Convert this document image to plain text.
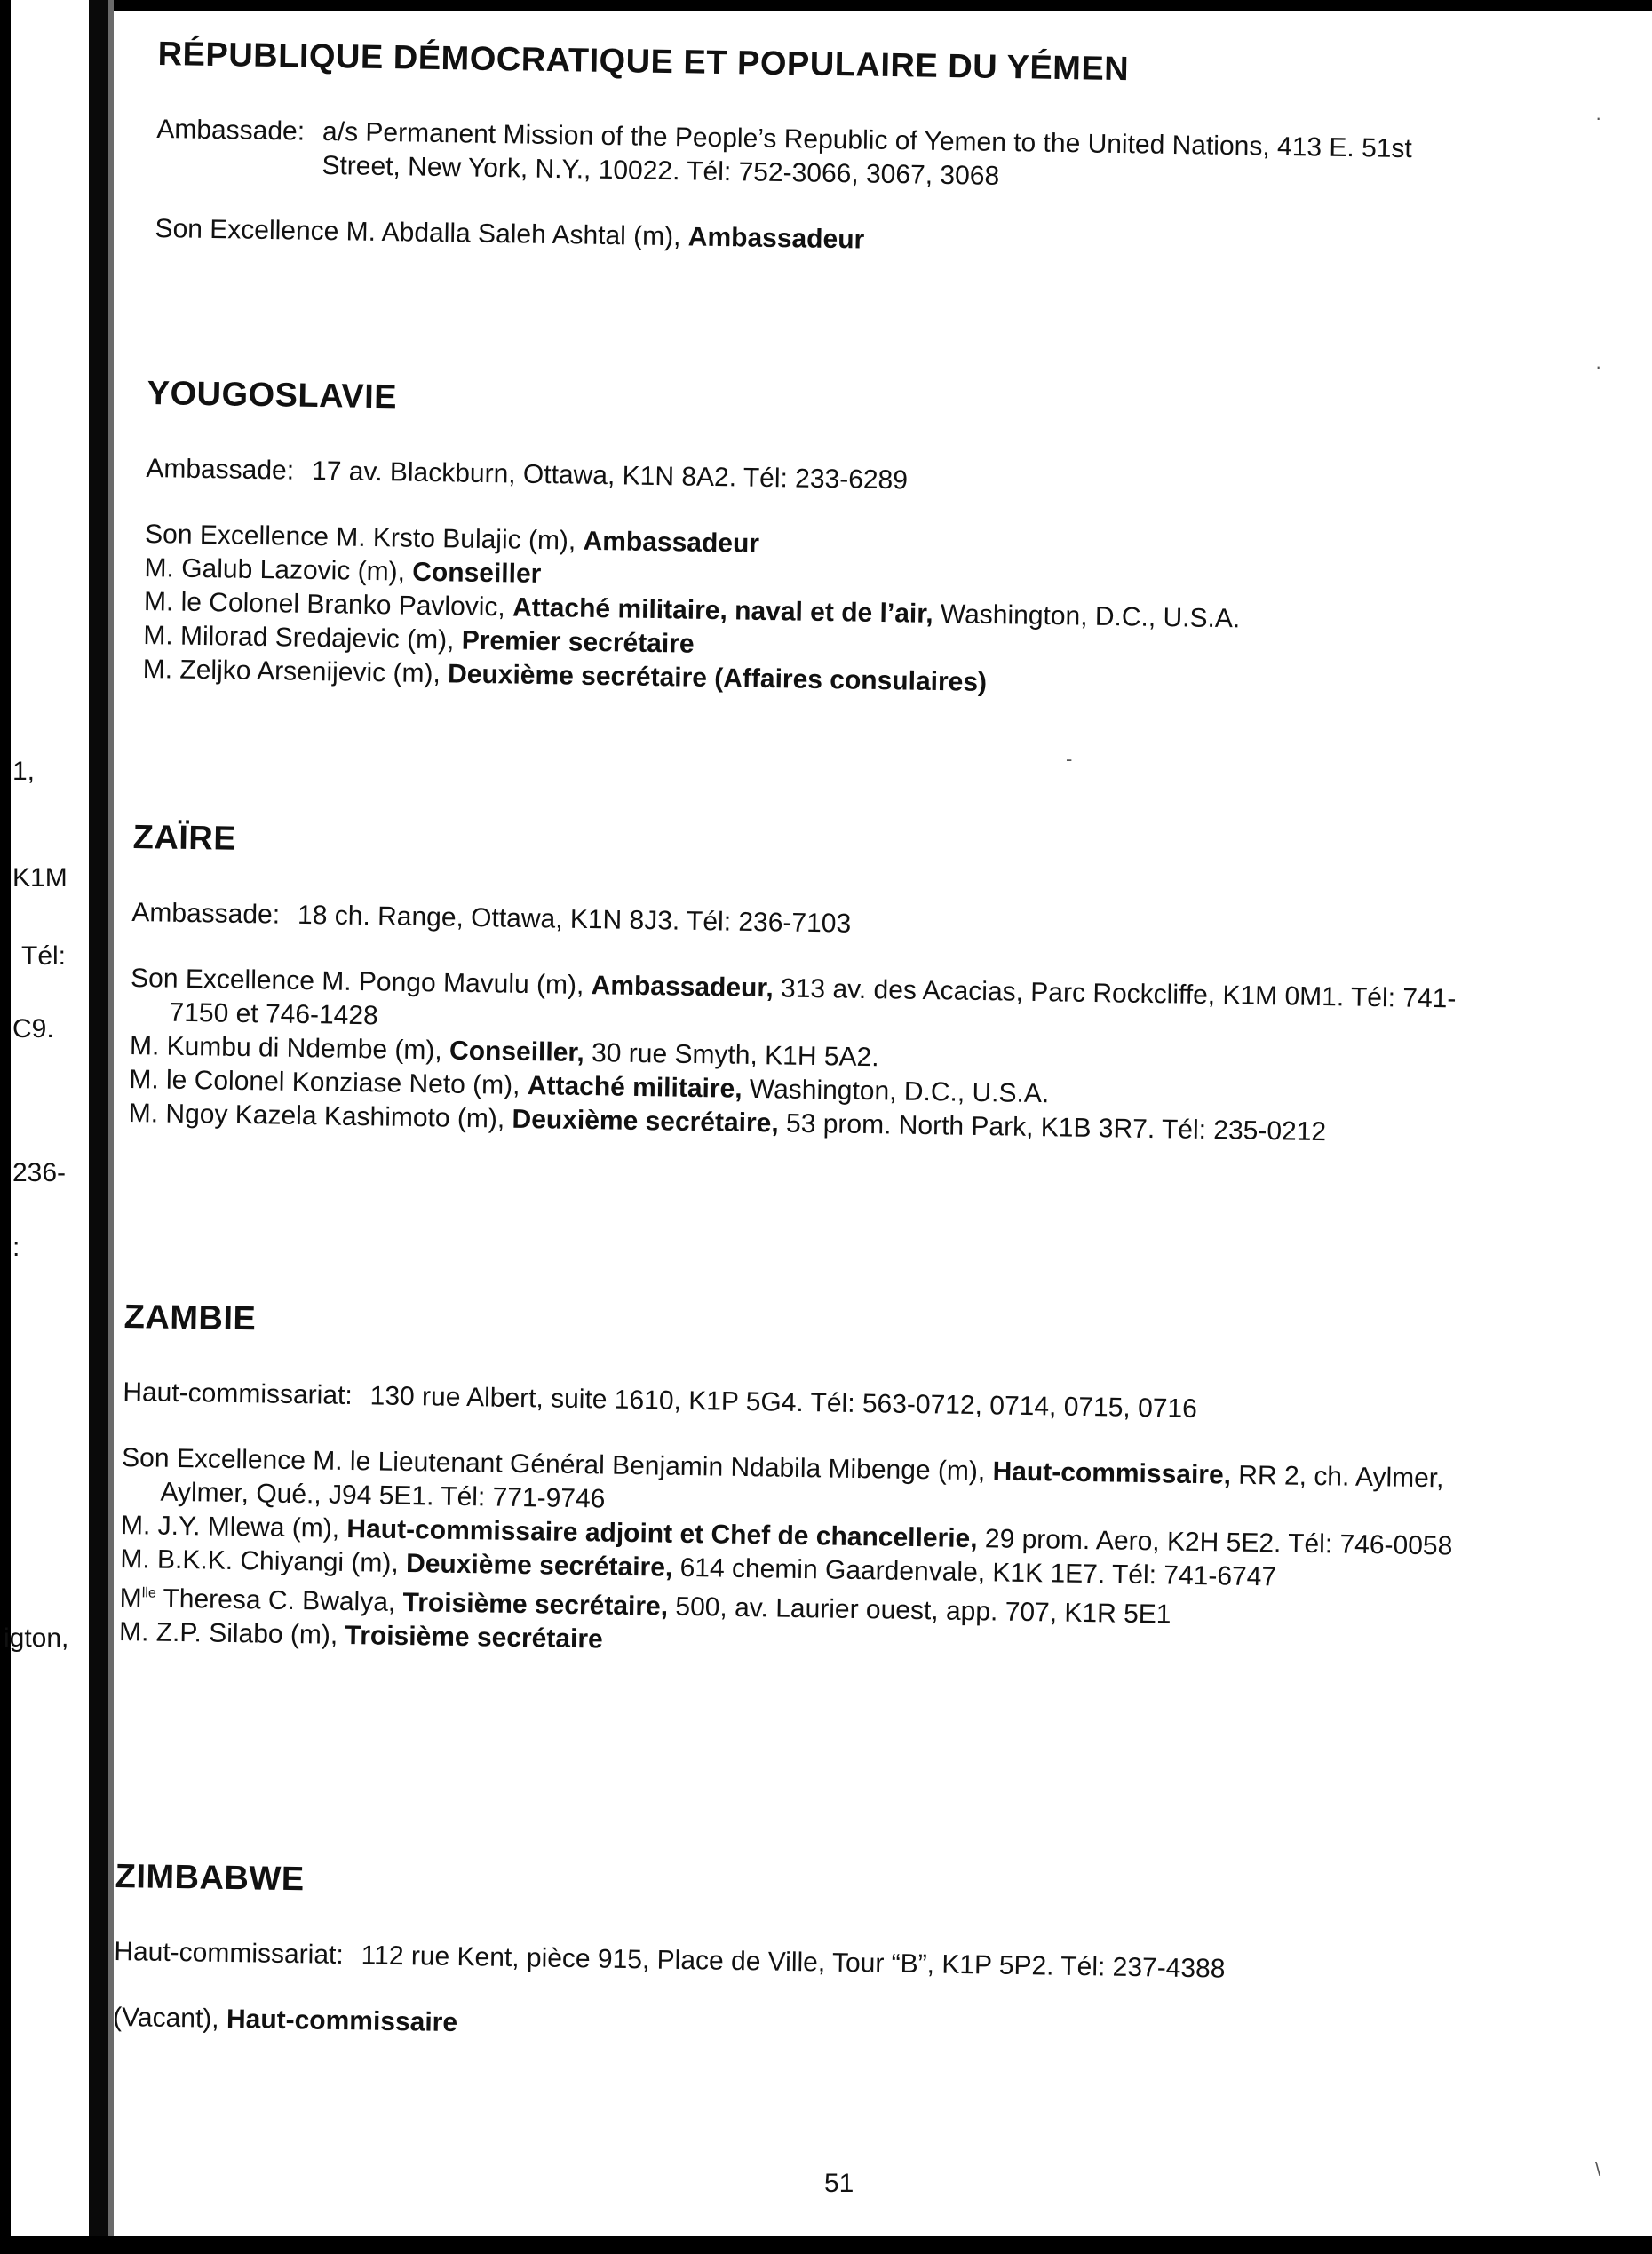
1,
K1M
Tél:
C9.
236-
:
igton,
RÉPUBLIQUE DÉMOCRATIQUE ET POPULAIRE DU YÉMEN
Ambassade: a/s Permanent Mission of the People’s Republic of Yemen to the United Nations, 413 E. 51st Street, New York, N.Y., 10022. Tél: 752-3066, 3067, 3068

Son Excellence M. Abdalla Saleh Ashtal (m), Ambassadeur

YOUGOSLAVIE
Ambassade: 17 av. Blackburn, Ottawa, K1N 8A2. Tél: 233-6289

Son Excellence M. Krsto Bulajic (m), Ambassadeur

M. Galub Lazovic (m), Conseiller

M. le Colonel Branko Pavlovic, Attaché militaire, naval et de l’air, Washington, D.C., U.S.A.

M. Milorad Sredajevic (m), Premier secrétaire

M. Zeljko Arsenijevic (m), Deuxième secrétaire (Affaires consulaires)

ZAÏRE
Ambassade: 18 ch. Range, Ottawa, K1N 8J3. Tél: 236-7103

Son Excellence M. Pongo Mavulu (m), Ambassadeur, 313 av. des Acacias, Parc Rockcliffe, K1M 0M1. Tél: 741-7150 et 746-1428

M. Kumbu di Ndembe (m), Conseiller, 30 rue Smyth, K1H 5A2.

M. le Colonel Konziase Neto (m), Attaché militaire, Washington, D.C., U.S.A.

M. Ngoy Kazela Kashimoto (m), Deuxième secrétaire, 53 prom. North Park, K1B 3R7. Tél: 235-0212

ZAMBIE
Haut-commissariat: 130 rue Albert, suite 1610, K1P 5G4. Tél: 563-0712, 0714, 0715, 0716

Son Excellence M. le Lieutenant Général Benjamin Ndabila Mibenge (m), Haut-commissaire, RR 2, ch. Aylmer, Aylmer, Qué., J94 5E1. Tél: 771-9746

M. J.Y. Mlewa (m), Haut-commissaire adjoint et Chef de chancellerie, 29 prom. Aero, K2H 5E2. Tél: 746-0058

M. B.K.K. Chiyangi (m), Deuxième secrétaire, 614 chemin Gaardenvale, K1K 1E7. Tél: 741-6747

$M^{lle}$ Theresa C. Bwalya, Troisième secrétaire, 500, av. Laurier ouest, app. 707, K1R 5E1

M. Z.P. Silabo (m), Troisième secrétaire

ZIMBABWE
Haut-commissariat: 112 rue Kent, pièce 915, Place de Ville, Tour “B”, K1P 5P2. Tél: 237-4388

(Vacant), Haut-commissaire

51
·
·
-
\
